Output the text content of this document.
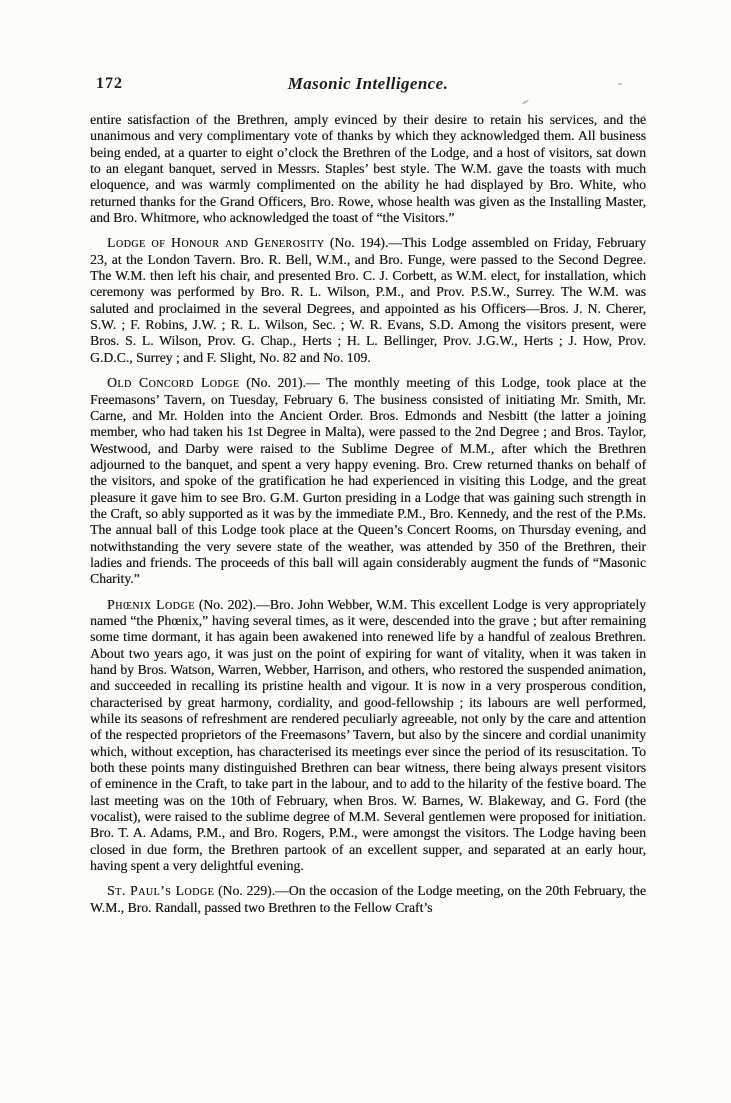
172	Masonic Intelligence.

entire satisfaction of the Brethren, amply evinced by their desire to retain his services, and the unanimous and very complimentary vote of thanks by which they acknowledged them. All business being ended, at a quarter to eight o’clock the Brethren of the Lodge, and a host of visitors, sat down to an elegant banquet, served in Messrs. Staples’ best style. The W.M. gave the toasts with much eloquence, and was warmly complimented on the ability he had displayed by Bro. White, who returned thanks for the Grand Officers, Bro. Rowe, whose health was given as the Installing Master, and Bro. Whitmore, who acknowledged the toast of “the Visitors.”

Lodge of Honour and Generosity (No. 194).—This Lodge assembled on Friday, February 23, at the London Tavern. Bro. R. Bell, W.M., and Bro. Funge, were passed to the Second Degree. The W.M. then left his chair, and presented Bro. C. J. Corbett, as W.M. elect, for installation, which ceremony was performed by Bro. R. L. Wilson, P.M., and Prov. P.S.W., Surrey. The W.M. was saluted and proclaimed in the several Degrees, and appointed as his Officers—Bros. J. N. Cherer, S.W. ; F. Robins, J.W. ; R. L. Wilson, Sec. ; W. R. Evans, S.D. Among the visitors present, were Bros. S. L. Wilson, Prov. G. Chap., Herts ; H. L. Bellinger, Prov. J.G.W., Herts ; J. How, Prov. G.D.C., Surrey ; and F. Slight, No. 82 and No. 109.

Old Concord Lodge (No. 201).— The monthly meeting of this Lodge, took place at the Freemasons’ Tavern, on Tuesday, February 6. The business consisted of initiating Mr. Smith, Mr. Carne, and Mr. Holden into the Ancient Order. Bros. Edmonds and Nesbitt (the latter a joining member, who had taken his 1st Degree in Malta), were passed to the 2nd Degree ; and Bros. Taylor, Westwood, and Darby were raised to the Sublime Degree of M.M., after which the Brethren adjourned to the banquet, and spent a very happy evening. Bro. Crew returned thanks on behalf of the visitors, and spoke of the gratification he had experienced in visiting this Lodge, and the great pleasure it gave him to see Bro. G.M. Gurton presiding in a Lodge that was gaining such strength in the Craft, so ably supported as it was by the immediate P.M., Bro. Kennedy, and the rest of the P.Ms. The annual ball of this Lodge took place at the Queen’s Concert Rooms, on Thursday evening, and notwithstanding the very severe state of the weather, was attended by 350 of the Brethren, their ladies and friends. The proceeds of this ball will again considerably augment the funds of “Masonic Charity.”

Phœnix Lodge (No. 202).—Bro. John Webber, W.M. This excellent Lodge is very appropriately named “the Phœnix,” having several times, as it were, descended into the grave ; but after remaining some time dormant, it has again been awakened into renewed life by a handful of zealous Brethren. About two years ago, it was just on the point of expiring for want of vitality, when it was taken in hand by Bros. Watson, Warren, Webber, Harrison, and others, who restored the suspended animation, and succeeded in recalling its pristine health and vigour. It is now in a very prosperous condition, characterised by great harmony, cordiality, and good-fellowship ; its labours are well performed, while its seasons of refreshment are rendered peculiarly agreeable, not only by the care and attention of the respected proprietors of the Freemasons’ Tavern, but also by the sincere and cordial unanimity which, without exception, has characterised its meetings ever since the period of its resuscitation. To both these points many distinguished Brethren can bear witness, there being always present visitors of eminence in the Craft, to take part in the labour, and to add to the hilarity of the festive board. The last meeting was on the 10th of February, when Bros. W. Barnes, W. Blakeway, and G. Ford (the vocalist), were raised to the sublime degree of M.M. Several gentlemen were proposed for initiation. Bro. T. A. Adams, P.M., and Bro. Rogers, P.M., were amongst the visitors. The Lodge having been closed in due form, the Brethren partook of an excellent supper, and separated at an early hour, having spent a very delightful evening.

St. Paul’s Lodge (No. 229).—On the occasion of the Lodge meeting, on the 20th February, the W.M., Bro. Randall, passed two Brethren to the Fellow Craft’s
